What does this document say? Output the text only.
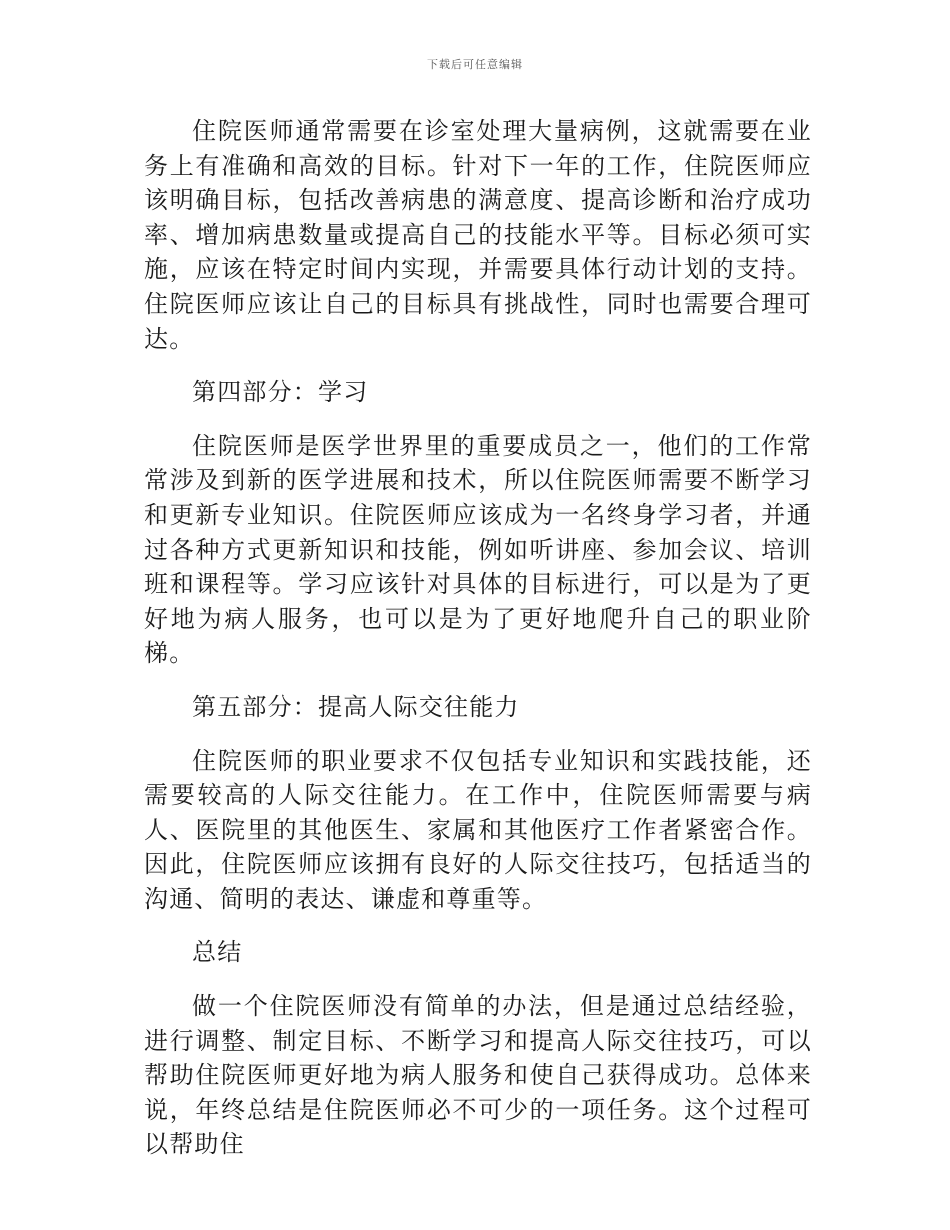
下载后可任意编辑

住院医师通常需要在诊室处理大量病例，这就需要在业务上有准确和高效的目标。针对下一年的工作，住院医师应该明确目标，包括改善病患的满意度、提高诊断和治疗成功率、增加病患数量或提高自己的技能水平等。目标必须可实施，应该在特定时间内实现，并需要具体行动计划的支持。住院医师应该让自己的目标具有挑战性，同时也需要合理可达。

第四部分：学习

住院医师是医学世界里的重要成员之一，他们的工作常常涉及到新的医学进展和技术，所以住院医师需要不断学习和更新专业知识。住院医师应该成为一名终身学习者，并通过各种方式更新知识和技能，例如听讲座、参加会议、培训班和课程等。学习应该针对具体的目标进行，可以是为了更好地为病人服务，也可以是为了更好地爬升自己的职业阶梯。

第五部分：提高人际交往能力

住院医师的职业要求不仅包括专业知识和实践技能，还需要较高的人际交往能力。在工作中，住院医师需要与病人、医院里的其他医生、家属和其他医疗工作者紧密合作。因此，住院医师应该拥有良好的人际交往技巧，包括适当的沟通、简明的表达、谦虚和尊重等。

总结

做一个住院医师没有简单的办法，但是通过总结经验，进行调整、制定目标、不断学习和提高人际交往技巧，可以帮助住院医师更好地为病人服务和使自己获得成功。总体来说，年终总结是住院医师必不可少的一项任务。这个过程可以帮助住
